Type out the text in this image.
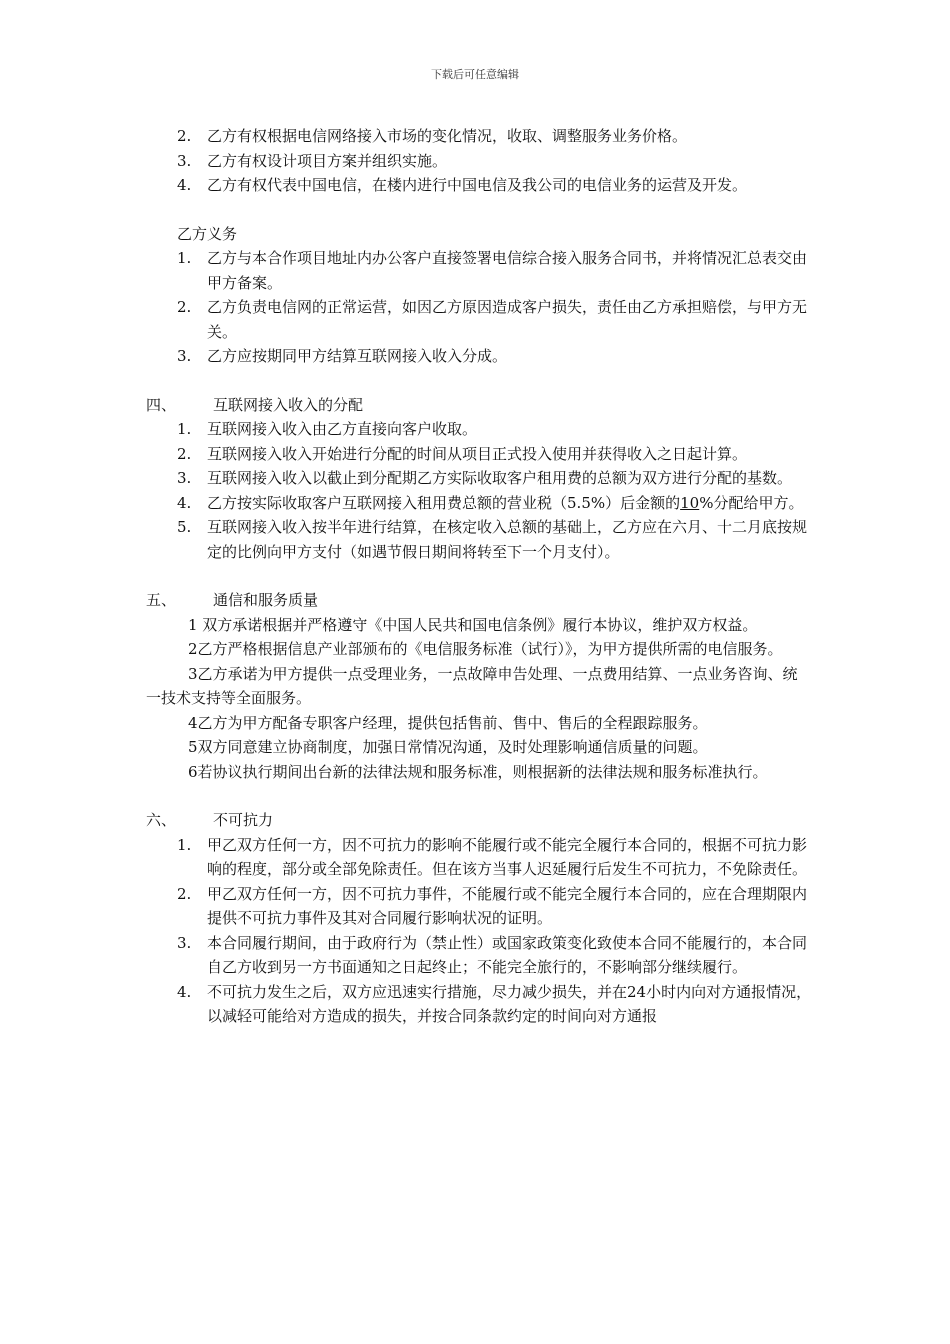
下载后可任意编辑
2. 乙方有权根据电信网络接入市场的变化情况，收取、调整服务业务价格。
3. 乙方有权设计项目方案并组织实施。
4. 乙方有权代表中国电信，在楼内进行中国电信及我公司的电信业务的运营及开发。
乙方义务
1. 乙方与本合作项目地址内办公客户直接签署电信综合接入服务合同书，并将情况汇总表交由甲方备案。
2. 乙方负责电信网的正常运营，如因乙方原因造成客户损失，责任由乙方承担赔偿，与甲方无关。
3. 乙方应按期同甲方结算互联网接入收入分成。
四、 互联网接入收入的分配
1. 互联网接入收入由乙方直接向客户收取。
2. 互联网接入收入开始进行分配的时间从项目正式投入使用并获得收入之日起计算。
3. 互联网接入收入以截止到分配期乙方实际收取客户租用费的总额为双方进行分配的基数。
4. 乙方按实际收取客户互联网接入租用费总额的营业税（5.5%）后金额的10%分配给甲方。
5. 互联网接入收入按半年进行结算，在核定收入总额的基础上，乙方应在六月、十二月底按规定的比例向甲方支付（如遇节假日期间将转至下一个月支付）。
五、 通信和服务质量
1 双方承诺根据并严格遵守《中国人民共和国电信条例》履行本协议，维护双方权益。
2乙方严格根据信息产业部颁布的《电信服务标准（试行）》，为甲方提供所需的电信服务。
3乙方承诺为甲方提供一点受理业务，一点故障申告处理、一点费用结算、一点业务咨询、统一技术支持等全面服务。
4乙方为甲方配备专职客户经理，提供包括售前、售中、售后的全程跟踪服务。
5双方同意建立协商制度，加强日常情况沟通，及时处理影响通信质量的问题。
6若协议执行期间出台新的法律法规和服务标准，则根据新的法律法规和服务标准执行。
六、 不可抗力
1. 甲乙双方任何一方，因不可抗力的影响不能履行或不能完全履行本合同的，根据不可抗力影响的程度，部分或全部免除责任。但在该方当事人迟延履行后发生不可抗力，不免除责任。
2. 甲乙双方任何一方，因不可抗力事件，不能履行或不能完全履行本合同的，应在合理期限内提供不可抗力事件及其对合同履行影响状况的证明。
3. 本合同履行期间，由于政府行为（禁止性）或国家政策变化致使本合同不能履行的，本合同自乙方收到另一方书面通知之日起终止；不能完全旅行的，不影响部分继续履行。
4. 不可抗力发生之后，双方应迅速实行措施，尽力减少损失，并在24小时内向对方通报情况，以减轻可能给对方造成的损失，并按合同条款约定的时间向对方通报
